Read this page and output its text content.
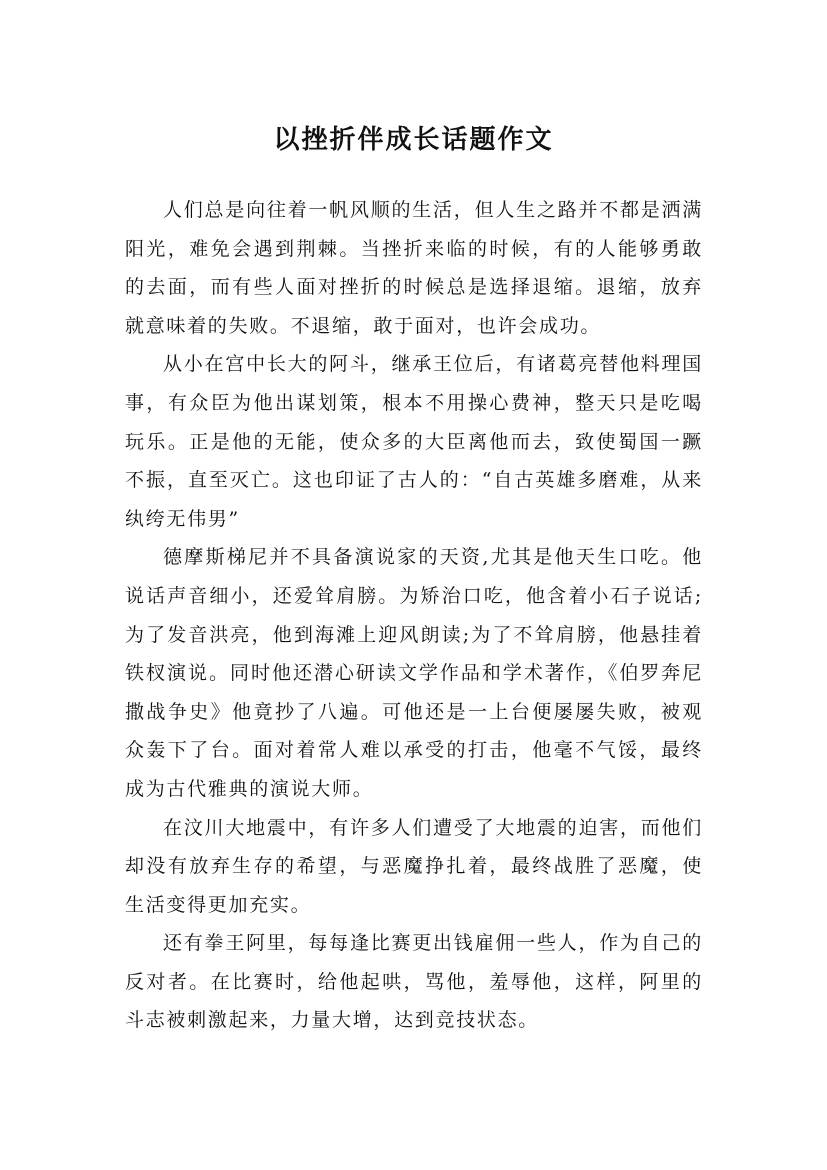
以挫折伴成长话题作文

人们总是向往着一帆风顺的生活，但人生之路并不都是洒满阳光，难免会遇到荆棘。当挫折来临的时候，有的人能够勇敢的去面，而有些人面对挫折的时候总是选择退缩。退缩，放弃就意味着的失败。不退缩，敢于面对，也许会成功。

从小在宫中长大的阿斗，继承王位后，有诸葛亮替他料理国事，有众臣为他出谋划策，根本不用操心费神，整天只是吃喝玩乐。正是他的无能，使众多的大臣离他而去，致使蜀国一蹶不振，直至灭亡。这也印证了古人的：“自古英雄多磨难，从来纨绔无伟男”

德摩斯梯尼并不具备演说家的天资,尤其是他天生口吃。他说话声音细小，还爱耸肩膀。为矫治口吃，他含着小石子说话;为了发音洪亮，他到海滩上迎风朗读;为了不耸肩膀，他悬挂着铁杈演说。同时他还潜心研读文学作品和学术著作，《伯罗奔尼撒战争史》他竟抄了八遍。可他还是一上台便屡屡失败，被观众轰下了台。面对着常人难以承受的打击，他毫不气馁，最终成为古代雅典的演说大师。

在汶川大地震中，有许多人们遭受了大地震的迫害，而他们却没有放弃生存的希望，与恶魔挣扎着，最终战胜了恶魔，使生活变得更加充实。

还有拳王阿里，每每逢比赛更出钱雇佣一些人，作为自己的反对者。在比赛时，给他起哄，骂他，羞辱他，这样，阿里的斗志被刺激起来，力量大增，达到竞技状态。
